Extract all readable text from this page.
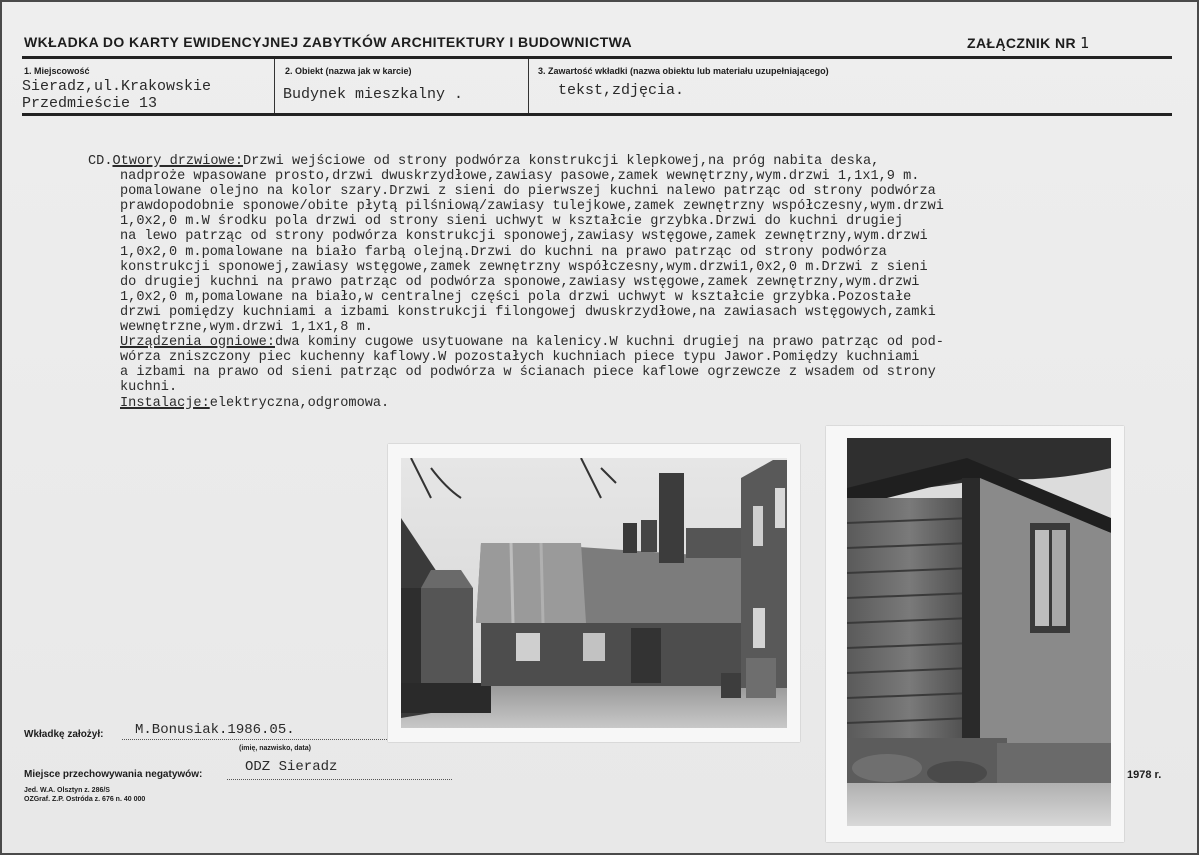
WKŁADKA DO KARTY EWIDENCYJNEJ ZABYTKÓW ARCHITEKTURY I BUDOWNICTWA	ZAŁĄCZNIK NR 1
1. Miejscowość
Sieradz,ul.Krakowskie
Przedmieście 13
2. Obiekt (nazwa jak w karcie)
Budynek mieszkalny .
3. Zawartość wkładki (nazwa obiektu lub materiału uzupełniającego)
tekst,zdjęcia.

CD.Otwory drzwiowe:Drzwi wejściowe od strony podwórza konstrukcji klepkowej,na próg nabita deska,

nadproże wpasowane prosto,drzwi dwuskrzydłowe,zawiasy pasowe,zamek wewnętrzny,wym.drzwi 1,1x1,9 m.

pomalowane olejno na kolor szary.Drzwi z sieni do pierwszej kuchni nalewo patrząc od strony podwórza

prawdopodobnie sponowe/obite płytą pilśniową/zawiasy tulejkowe,zamek zewnętrzny współczesny,wym.drzwi

1,0x2,0 m.W środku pola drzwi od strony sieni uchwyt w kształcie grzybka.Drzwi do kuchni drugiej

na lewo patrząc od strony podwórza konstrukcji sponowej,zawiasy wstęgowe,zamek zewnętrzny,wym.drzwi

1,0x2,0 m.pomalowane na biało farbą olejną.Drzwi do kuchni na prawo patrząc od strony podwórza

konstrukcji sponowej,zawiasy wstęgowe,zamek zewnętrzny współczesny,wym.drzwi1,0x2,0 m.Drzwi z sieni

do drugiej kuchni na prawo patrząc od podwórza sponowe,zawiasy wstęgowe,zamek zewnętrzny,wym.drzwi

1,0x2,0 m,pomalowane na biało,w centralnej części pola drzwi uchwyt w kształcie grzybka.Pozostałe

drzwi pomiędzy kuchniami a izbami konstrukcji filongowej dwuskrzydłowe,na zawiasach wstęgowych,zamki

wewnętrzne,wym.drzwi 1,1x1,8 m.

Urządzenia ogniowe:dwa kominy cugowe usytuowane na kalenicy.W kuchni drugiej na prawo patrząc od pod-

wórza zniszczony piec kuchenny kaflowy.W pozostałych kuchniach piece typu Jawor.Pomiędzy kuchniami

a izbami na prawo od sieni patrząc od podwórza w ścianach piece kaflowe ogrzewcze z wsadem od strony

kuchni.

Instalacje:elektryczna,odgromowa.

Wkładkę założył: M.Bonusiak.1986.05.
(imię, nazwisko, data)
Miejsce przechowywania negatywów:	ODZ Sieradz
Jed. W.A. Olsztyn z. 286/S
OZGraf. Z.P. Ostróda z. 676 n. 40 000
1978 r.
